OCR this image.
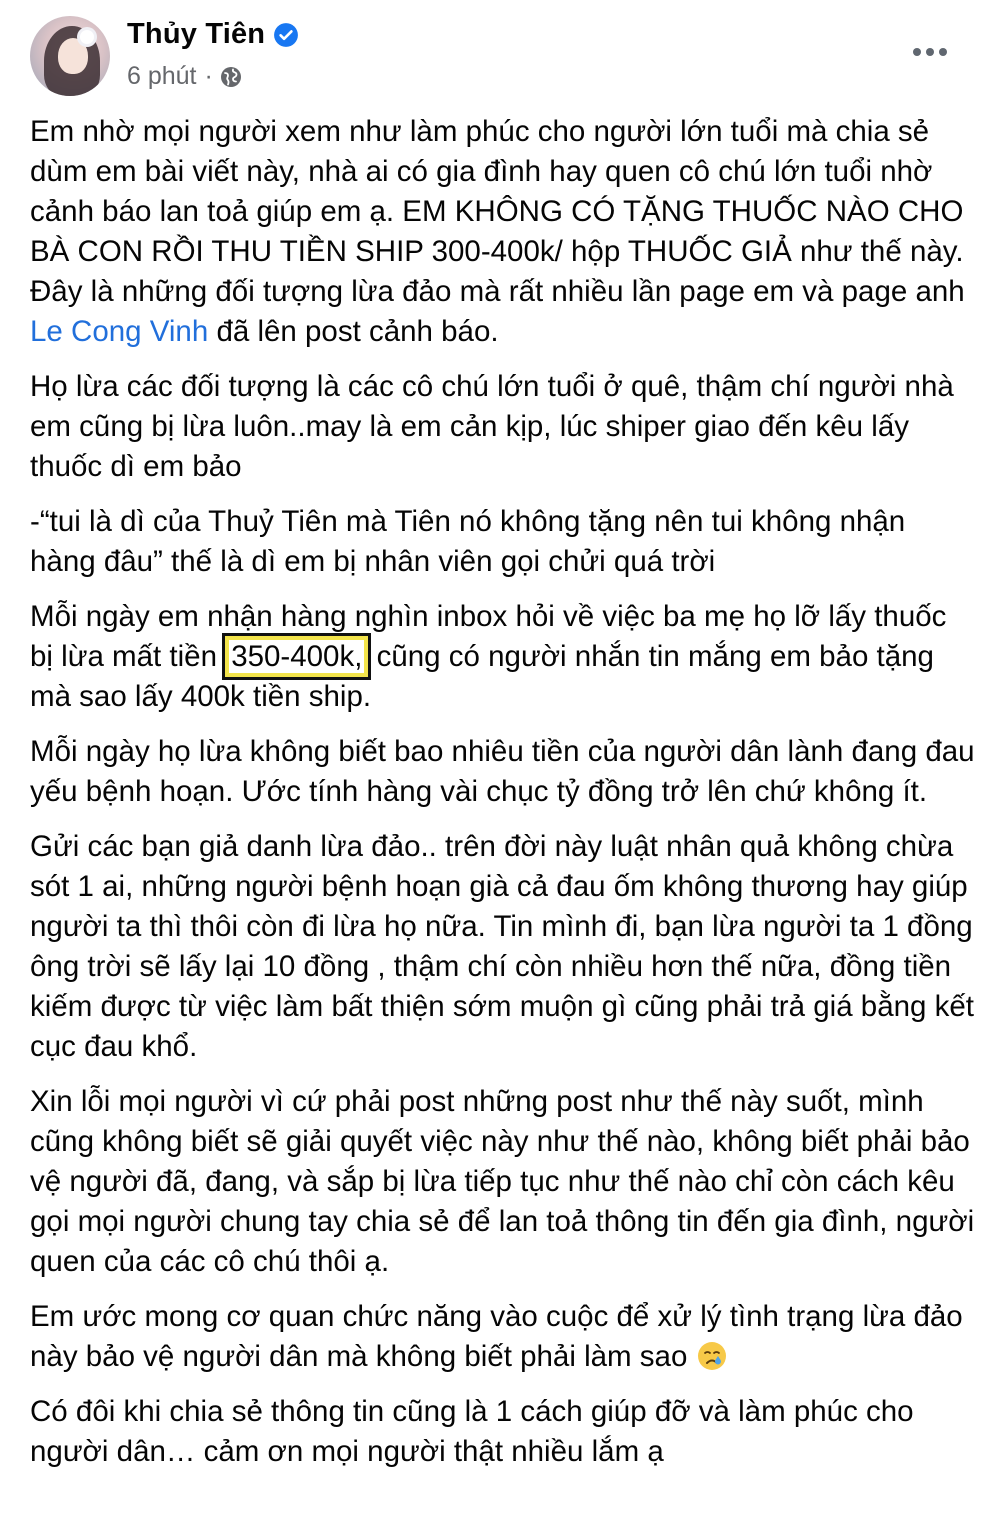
Thủy Tiên
6 phút ·

Em nhờ mọi người xem như làm phúc cho người lớn tuổi mà chia sẻ dùm em bài viết này, nhà ai có gia đình hay quen cô chú lớn tuổi nhờ cảnh báo lan toả giúp em ạ. EM KHÔNG CÓ TẶNG THUỐC NÀO CHO BÀ CON RỒI THU TIỀN SHIP 300-400k/ hộp THUỐC GIẢ như thế này. Đây là những đối tượng lừa đảo mà rất nhiều lần page em và page anh Le Cong Vinh đã lên post cảnh báo.

Họ lừa các đối tượng là các cô chú lớn tuổi ở quê, thậm chí người nhà em cũng bị lừa luôn..may là em cản kịp, lúc shiper giao đến kêu lấy thuốc dì em bảo

-“tui là dì của Thuỷ Tiên mà Tiên nó không tặng nên tui không nhận hàng đâu” thế là dì em bị nhân viên gọi chửi quá trời

Mỗi ngày em nhận hàng nghìn inbox hỏi về việc ba mẹ họ lỡ lấy thuốc bị lừa mất tiền 350-400k, cũng có người nhắn tin mắng em bảo tặng mà sao lấy 400k tiền ship.

Mỗi ngày họ lừa không biết bao nhiêu tiền của người dân lành đang đau yếu bệnh hoạn. Ước tính hàng vài chục tỷ đồng trở lên chứ không ít.

Gửi các bạn giả danh lừa đảo.. trên đời này luật nhân quả không chừa sót 1 ai, những người bệnh hoạn già cả đau ốm không thương hay giúp người ta thì thôi còn đi lừa họ nữa. Tin mình đi, bạn lừa người ta 1 đồng ông trời sẽ lấy lại 10 đồng , thậm chí còn nhiều hơn thế nữa, đồng tiền kiếm được từ việc làm bất thiện sớm muộn gì cũng phải trả giá bằng kết cục đau khổ.

Xin lỗi mọi người vì cứ phải post những post như thế này suốt, mình cũng không biết sẽ giải quyết việc này như thế nào, không biết phải bảo vệ người đã, đang, và sắp bị lừa tiếp tục như thế nào chỉ còn cách kêu gọi mọi người chung tay chia sẻ để lan toả thông tin đến gia đình, người quen của các cô chú thôi ạ.

Em ước mong cơ quan chức năng vào cuộc để xử lý tình trạng lừa đảo này bảo vệ người dân mà không biết phải làm sao

Có đôi khi chia sẻ thông tin cũng là 1 cách giúp đỡ và làm phúc cho người dân… cảm ơn mọi người thật nhiều lắm ạ
